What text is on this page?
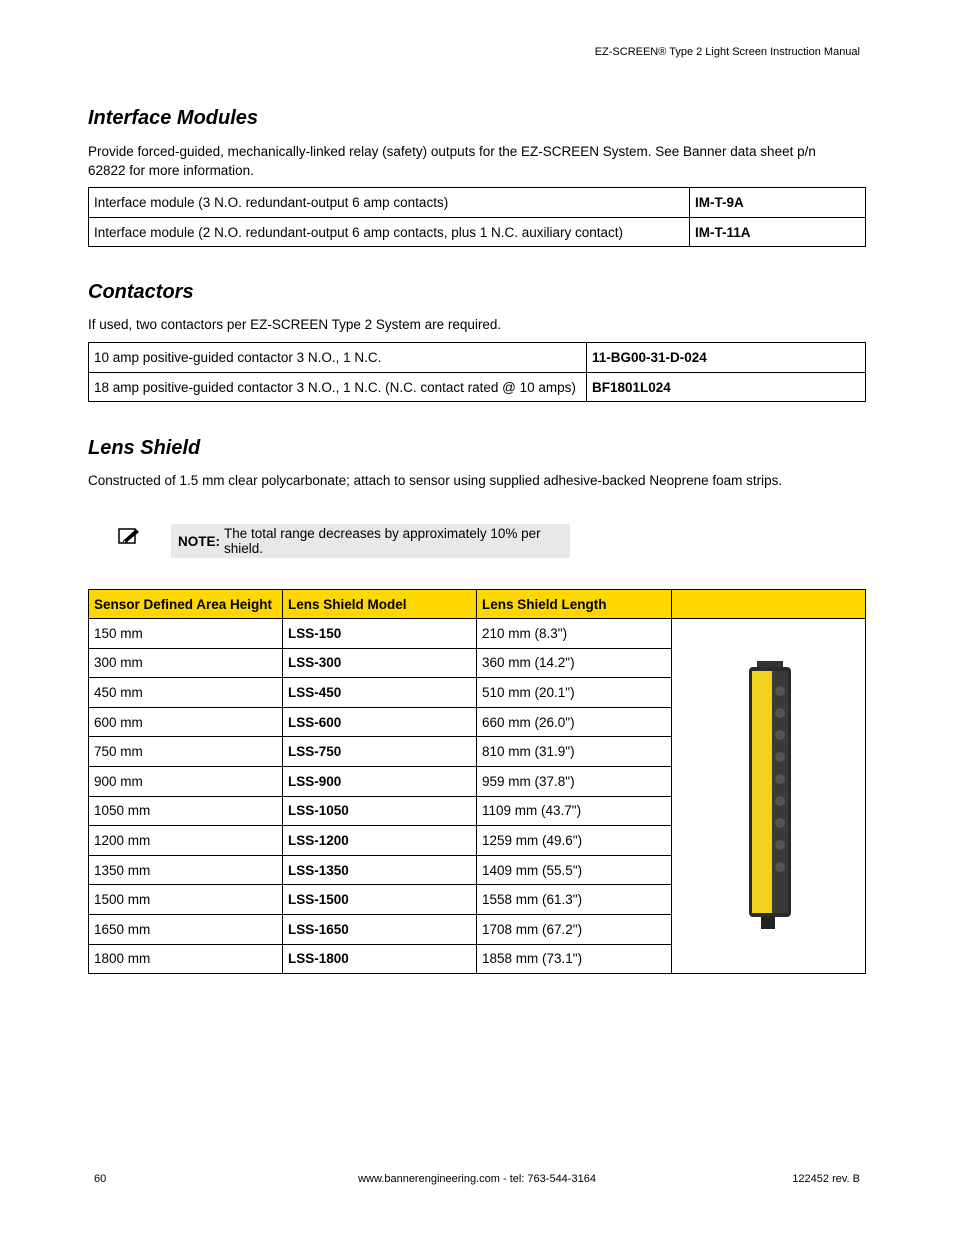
EZ-SCREEN® Type 2 Light Screen Instruction Manual
Interface Modules

Provide forced-guided, mechanically-linked relay (safety) outputs for the EZ-SCREEN System. See Banner data sheet p/n 62822 for more information.

Interface module (3 N.O. redundant-output 6 amp contacts)	IM-T-9A
Interface module (2 N.O. redundant-output 6 amp contacts, plus 1 N.C. auxiliary contact)	IM-T-11A
Contactors

If used, two contactors per EZ-SCREEN Type 2 System are required.

10 amp positive-guided contactor 3 N.O., 1 N.C.	11-BG00-31-D-024
18 amp positive-guided contactor 3 N.O., 1 N.C. (N.C. contact rated @ 10 amps)	BF1801L024
Lens Shield

Constructed of 1.5 mm clear polycarbonate; attach to sensor using supplied adhesive-backed Neoprene foam strips.

NOTE: The total range decreases by approximately 10% per shield.
Sensor Defined Area Height	Lens Shield Model	Lens Shield Length	
150 mm	LSS-150	210 mm (8.3")	

300 mm	LSS-300	360 mm (14.2")	
450 mm	LSS-450	510 mm (20.1")	
600 mm	LSS-600	660 mm (26.0")	
750 mm	LSS-750	810 mm (31.9")	
900 mm	LSS-900	959 mm (37.8")	
1050 mm	LSS-1050	1109 mm (43.7")	
1200 mm	LSS-1200	1259 mm (49.6")	
1350 mm	LSS-1350	1409 mm (55.5")	
1500 mm	LSS-1500	1558 mm (61.3")	
1650 mm	LSS-1650	1708 mm (67.2")	
1800 mm	LSS-1800	1858 mm (73.1")	
60	www.bannerengineering.com - tel: 763-544-3164	122452 rev. B
